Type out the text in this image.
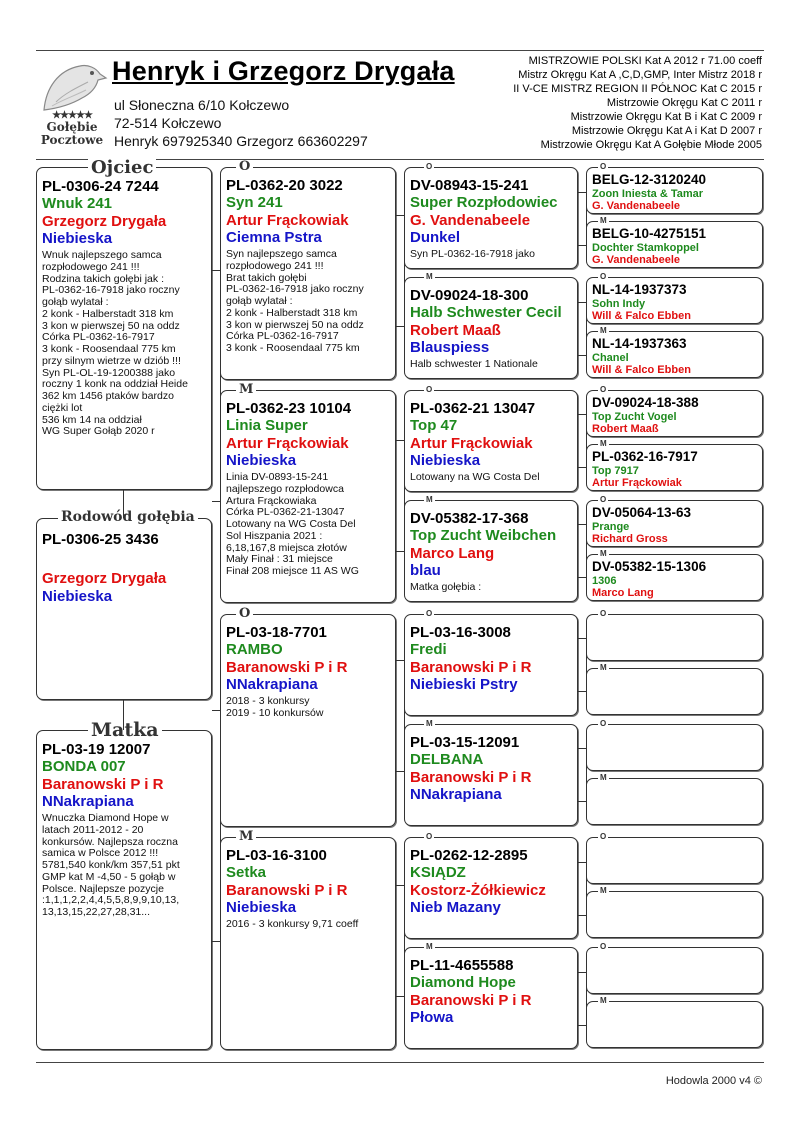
★★★★★
Gołębie
Pocztowe
Henryk i Grzegorz Drygała
ul Słoneczna 6/10 Kołczewo
72-514 Kołczewo
Henryk 697925340 Grzegorz 663602297
MISTRZOWIE POLSKI Kat A 2012 r 71.00 coeff
Mistrz Okręgu Kat A ,C,D,GMP, Inter Mistrz 2018 r
II V-CE MISTRZ REGION II PÓŁNOC Kat C 2015 r
Mistrzowie Okręgu Kat C 2011 r
Mistrzowie Okręgu Kat B i Kat C 2009 r
Mistrzowie Okręgu Kat A i Kat D 2007 r
Mistrzowie Okręgu Kat A Gołębie Młode 2005
PL-0306-24 7244
Wnuk 241
Grzegorz Drygała
Niebieska
Wnuk najlepszego samca
rozpłodowego 241 !!!
Rodzina takich gołębi jak :
PL-0362-16-7918 jako roczny
gołąb wylatał :
2 konk - Halberstadt 318 km
3 kon w pierwszej 50 na oddz
Córka PL-0362-16-7917
3 konk - Roosendaal 775 km
przy silnym wietrze w dziób !!!
Syn PL-OL-19-1200388 jako
roczny 1 konk na oddział Heide
362 km 1456 ptaków bardzo
ciężki lot
536 km 14 na oddział
WG Super Gołąb 2020 r
Ojciec
PL-0306-25 3436
Grzegorz Drygała
Niebieska
Rodowód gołębia
PL-03-19 12007
BONDA 007
Baranowski P i R
NNakrapiana
Wnuczka Diamond Hope w
latach 2011-2012 - 20
konkursów. Najlepsza roczna
samica w Polsce 2012 !!!
5781,540 konk/km 357,51 pkt
GMP kat M -4,50 - 5 gołąb w
Polsce. Najlepsze pozycje
:1,1,1,2,2,4,4,5,5,8,9,9,10,13,
13,13,15,22,27,28,31...
Matka
PL-0362-20 3022
Syn 241
Artur Frąckowiak
Ciemna Pstra
Syn najlepszego samca
rozpłodowego 241 !!!
Brat takich gołębi
PL-0362-16-7918 jako roczny
gołąb wylatał :
2 konk - Halberstadt 318 km
3 kon w pierwszej 50 na oddz
Córka PL-0362-16-7917
3 konk - Roosendaal 775 km
O
PL-0362-23 10104
Linia Super
Artur Frąckowiak
Niebieska
Linia DV-0893-15-241
najlepszego rozpłodowca
Artura Frąckowiaka
Córka PL-0362-21-13047
Lotowany na WG Costa Del
Sol Hiszpania 2021 :
6,18,167,8 miejsca złotów
Mały Finał : 31 miejsce
Finał 208 miejsce 11 AS WG
M
PL-03-18-7701
RAMBO
Baranowski P i R
NNakrapiana
2018 - 3 konkursy
2019 - 10 konkursów
O
PL-03-16-3100
Setka
Baranowski P i R
Niebieska
2016 - 3 konkursy 9,71 coeff
M
DV-08943-15-241
Super Rozpłodowiec
G. Vandenabeele
Dunkel
Syn PL-0362-16-7918 jako
O
DV-09024-18-300
Halb Schwester Cecil
Robert Maaß
Blauspiess
Halb schwester 1 Nationale
M
PL-0362-21 13047
Top 47
Artur Frąckowiak
Niebieska
Lotowany na WG Costa Del
O
DV-05382-17-368
Top Zucht Weibchen
Marco Lang
blau
Matka gołębia :
M
PL-03-16-3008
Fredi
Baranowski P i R
Niebieski Pstry
O
PL-03-15-12091
DELBANA
Baranowski P i R
NNakrapiana
M
PL-0262-12-2895
KSIĄDZ
Kostorz-Żółkiewicz
Nieb Mazany
O
PL-11-4655588
Diamond Hope
Baranowski P i R
Płowa
M
BELG-12-3120240
Zoon Iniesta & Tamar
G. Vandenabeele
O
BELG-10-4275151
Dochter Stamkoppel
G. Vandenabeele
M
NL-14-1937373
Sohn Indy
Will & Falco Ebben
O
NL-14-1937363
Chanel
Will & Falco Ebben
M
DV-09024-18-388
Top Zucht Vogel
Robert Maaß
O
PL-0362-16-7917
Top 7917
Artur Frąckowiak
M
DV-05064-13-63
Prange
Richard Gross
O
DV-05382-15-1306
1306
Marco Lang
M
O
M
O
M
O
M
O
M
Hodowla 2000 v4 ©
